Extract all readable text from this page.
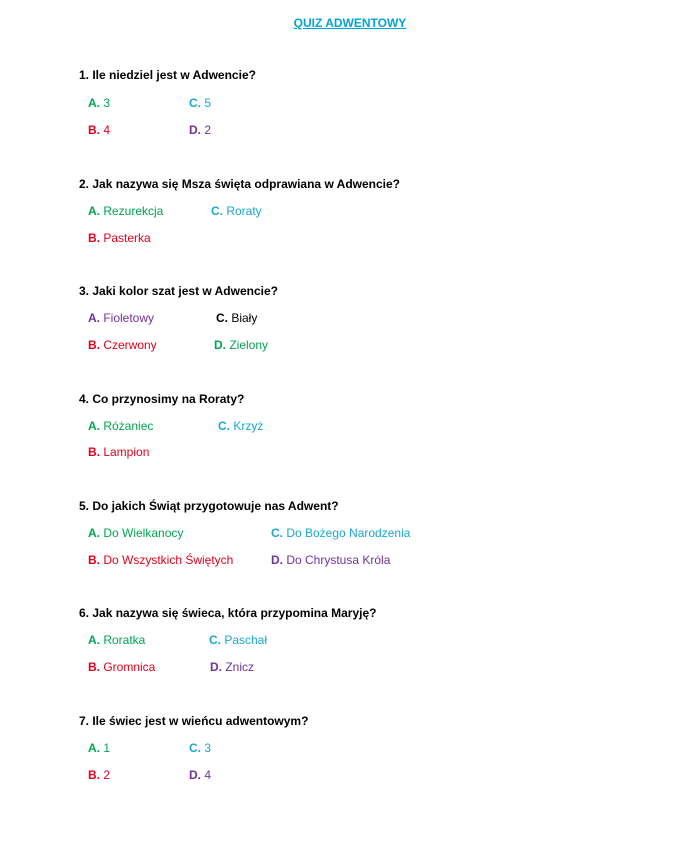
QUIZ ADWENTOWY
1. Ile niedziel jest w Adwencie?
A. 3	C. 5
B. 4	D. 2
2. Jak nazywa się Msza święta odprawiana w Adwencie?
A. Rezurekcja	C. Roraty
B. Pasterka
3. Jaki kolor szat jest w Adwencie?
A. Fioletowy	C. Biały
B. Czerwony	D. Zielony
4. Co przynosimy na Roraty?
A. Różaniec	C. Krzyż
B. Lampion
5. Do jakich Świąt przygotowuje nas Adwent?
A. Do Wielkanocy	C. Do Bożego Narodzenia
B. Do Wszystkich Świętych	D. Do Chrystusa Króla
6. Jak nazywa się świeca, która przypomina Maryję?
A. Roratka	C. Paschał
B. Gromnica	D. Znicz
7. Ile świec jest w wieńcu adwentowym?
A. 1	C. 3
B. 2	D. 4
